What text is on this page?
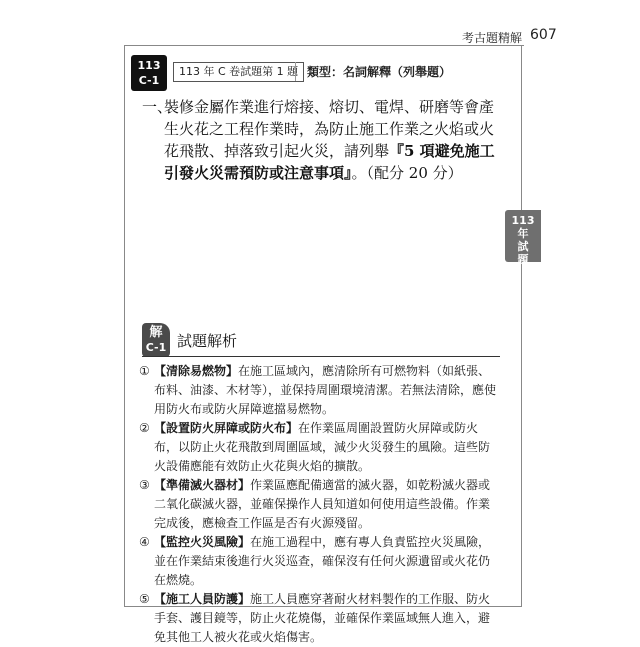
考古題精解 607
113
C-1
113 年 C 卷試題第 1 題 類型：名詞解釋（列舉題）
一、
裝修金屬作業進行熔接、熔切、電焊、研磨等會產生火花之工程作業時，為防止施工作業之火焰或火花飛散、掉落致引起火災，請列舉『5 項避免施工引發火災需預防或注意事項』。（配分 20 分）
113
年
試
題
解
C-1 試題解析
① 【清除易燃物】在施工區域內，應清除所有可燃物料（如紙張、布料、油漆、木材等），並保持周圍環境清潔。若無法清除，應使用防火布或防火屏障遮擋易燃物。
② 【設置防火屏障或防火布】在作業區周圍設置防火屏障或防火布，以防止火花飛散到周圍區域，減少火災發生的風險。這些防火設備應能有效防止火花與火焰的擴散。
③ 【準備滅火器材】作業區應配備適當的滅火器，如乾粉滅火器或二氧化碳滅火器，並確保操作人員知道如何使用這些設備。作業完成後，應檢查工作區是否有火源殘留。
④ 【監控火災風險】在施工過程中，應有專人負責監控火災風險，並在作業結束後進行火災巡查，確保沒有任何火源遺留或火花仍在燃燒。
⑤ 【施工人員防護】施工人員應穿著耐火材料製作的工作服、防火手套、護目鏡等，防止火花燒傷，並確保作業區域無人進入，避免其他工人被火花或火焰傷害。
